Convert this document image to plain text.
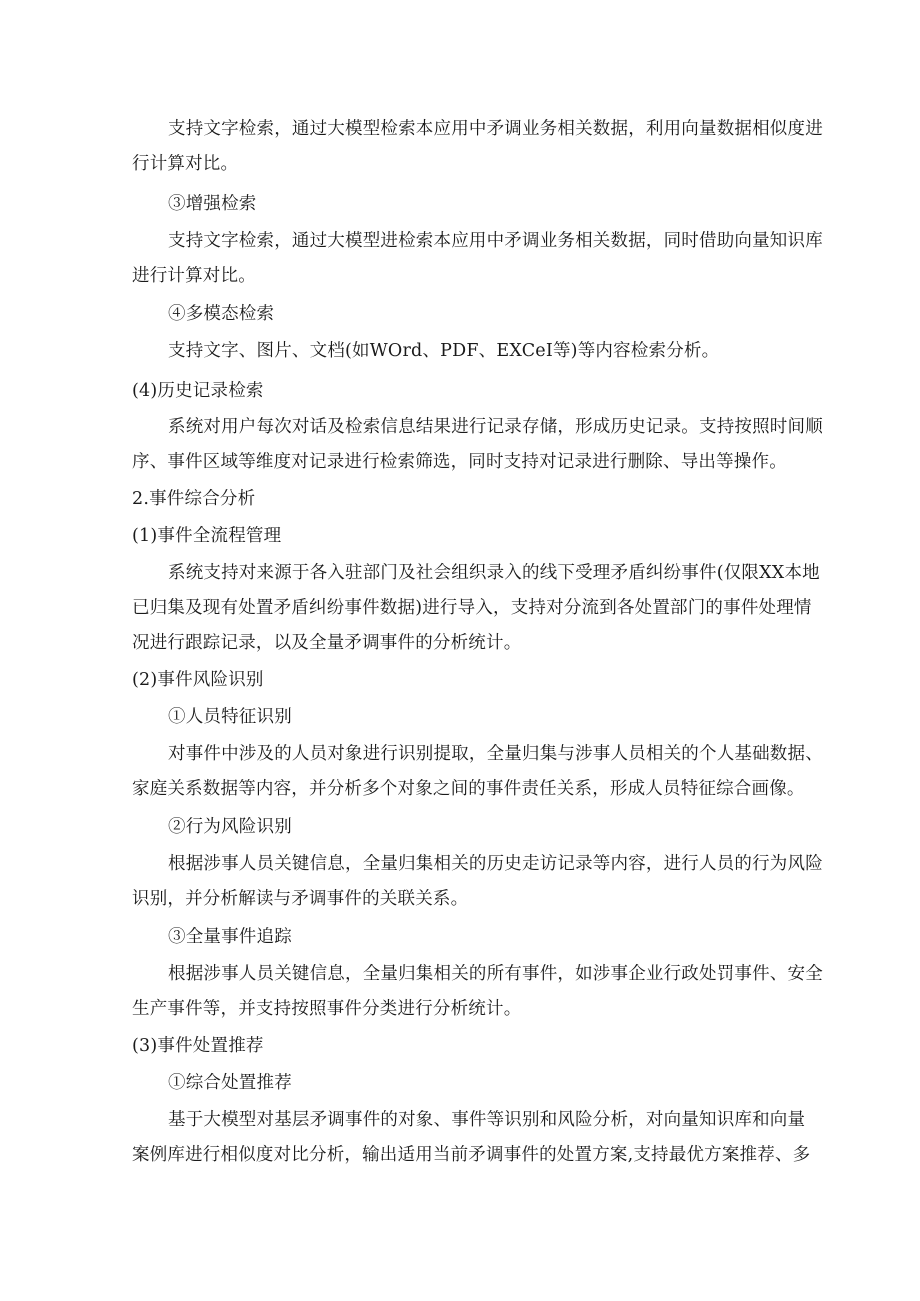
支持文字检索，通过大模型检索本应用中矛调业务相关数据，利用向量数据相似度进
行计算对比。
③增强检索
支持文字检索，通过大模型进检索本应用中矛调业务相关数据，同时借助向量知识库
进行计算对比。
④多模态检索
支持文字、图片、文档(如WOrd、PDF、EXCeI等)等内容检索分析。
(4)历史记录检索
系统对用户每次对话及检索信息结果进行记录存储，形成历史记录。支持按照时间顺
序、事件区域等维度对记录进行检索筛选，同时支持对记录进行删除、导出等操作。
2.事件综合分析
(1)事件全流程管理
系统支持对来源于各入驻部门及社会组织录入的线下受理矛盾纠纷事件(仅限XX本地
已归集及现有处置矛盾纠纷事件数据)进行导入，支持对分流到各处置部门的事件处理情
况进行跟踪记录，以及全量矛调事件的分析统计。
(2)事件风险识别
①人员特征识别
对事件中涉及的人员对象进行识别提取，全量归集与涉事人员相关的个人基础数据、
家庭关系数据等内容，并分析多个对象之间的事件责任关系，形成人员特征综合画像。
②行为风险识别
根据涉事人员关键信息，全量归集相关的历史走访记录等内容，进行人员的行为风险
识别，并分析解读与矛调事件的关联关系。
③全量事件追踪
根据涉事人员关键信息，全量归集相关的所有事件，如涉事企业行政处罚事件、安全
生产事件等，并支持按照事件分类进行分析统计。
(3)事件处置推荐
①综合处置推荐
基于大模型对基层矛调事件的对象、事件等识别和风险分析，对向量知识库和向量
案例库进行相似度对比分析，输出适用当前矛调事件的处置方案,支持最优方案推荐、多
